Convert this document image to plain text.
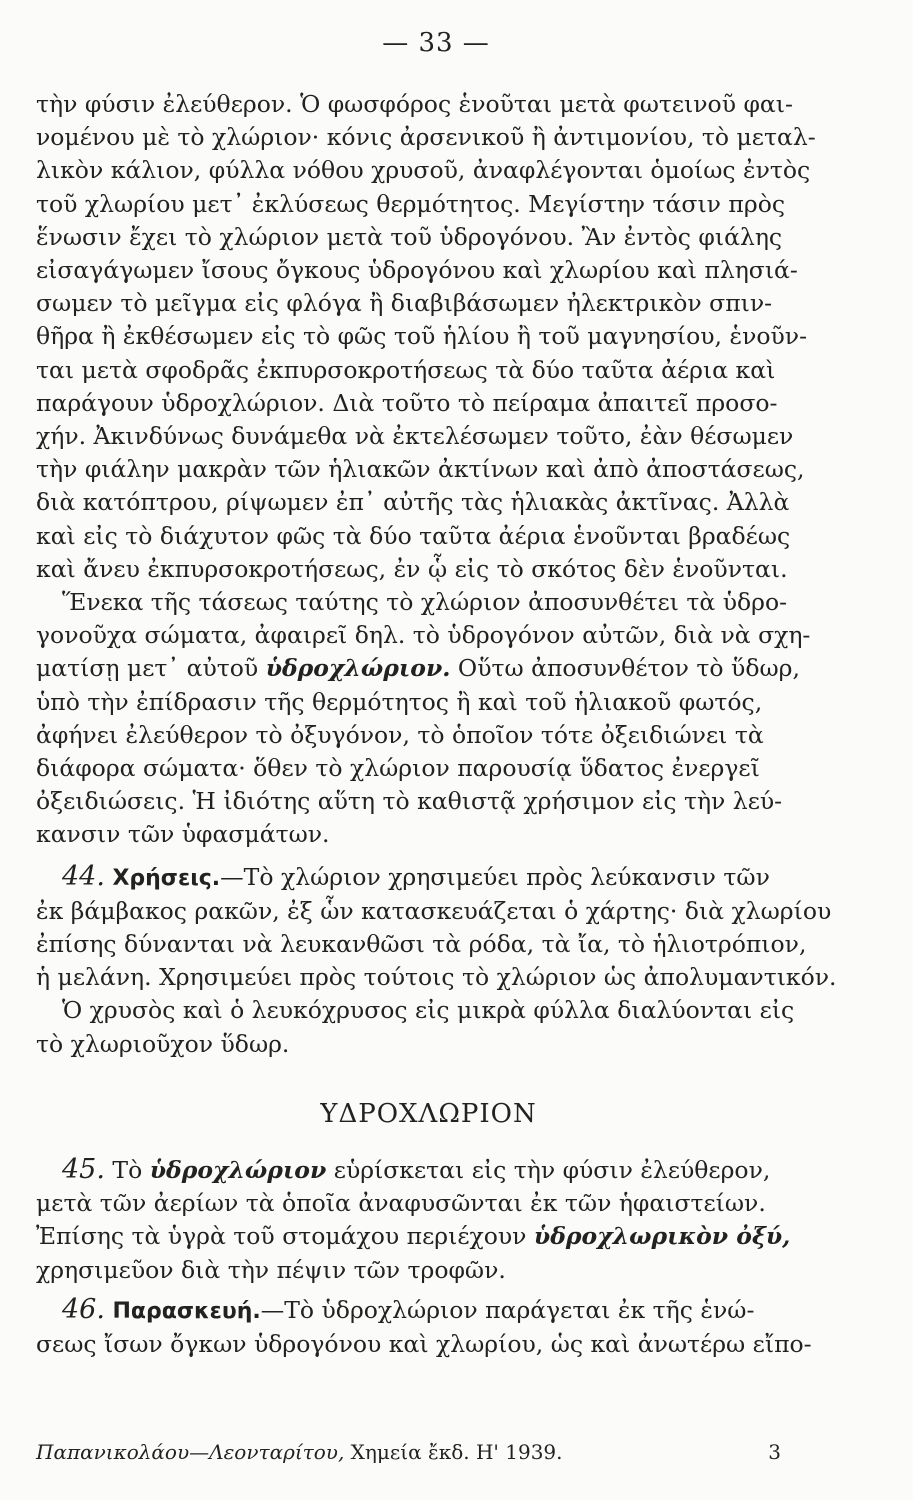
— 33 —
τὴν φύσιν ἐλεύθερον. Ὁ φωσφόρος ἑνοῦται μετὰ φωτεινοῦ φαι-
νομένου μὲ τὸ χλώριον· κόνις ἀρσενικοῦ ἢ ἀντιμονίου, τὸ μεταλ-
λικὸν κάλιον, φύλλα νόθου χρυσοῦ, ἀναφλέγονται ὁμοίως ἐντὸς
τοῦ χλωρίου μετ᾽ ἐκλύσεως θερμότητος. Μεγίστην τάσιν πρὸς
ἕνωσιν ἔχει τὸ χλώριον μετὰ τοῦ ὑδρογόνου. Ἂν ἐντὸς φιάλης
εἰσαγάγωμεν ἴσους ὄγκους ὑδρογόνου καὶ χλωρίου καὶ πλησιά-
σωμεν τὸ μεῖγμα εἰς φλόγα ἢ διαβιβάσωμεν ἠλεκτρικὸν σπιν-
θῆρα ἢ ἐκθέσωμεν εἰς τὸ φῶς τοῦ ἡλίου ἢ τοῦ μαγνησίου, ἑνοῦν-
ται μετὰ σφοδρᾶς ἐκπυρσοκροτήσεως τὰ δύο ταῦτα ἀέρια καὶ
παράγουν ὑδροχλώριον. Διὰ τοῦτο τὸ πείραμα ἀπαιτεῖ προσο-
χήν. Ἀκινδύνως δυνάμεθα νὰ ἐκτελέσωμεν τοῦτο, ἐὰν θέσωμεν
τὴν φιάλην μακρὰν τῶν ἡλιακῶν ἀκτίνων καὶ ἀπὸ ἀποστάσεως,
διὰ κατόπτρου, ρίψωμεν ἐπ᾽ αὐτῆς τὰς ἡλιακὰς ἀκτῖνας. Ἀλλὰ
καὶ εἰς τὸ διάχυτον φῶς τὰ δύο ταῦτα ἀέρια ἑνοῦνται βραδέως
καὶ ἄνευ ἐκπυρσοκροτήσεως, ἐν ᾧ εἰς τὸ σκότος δὲν ἑνοῦνται.
Ἕνεκα τῆς τάσεως ταύτης τὸ χλώριον ἀποσυνθέτει τὰ ὑδρο-
γονοῦχα σώματα, ἀφαιρεῖ δηλ. τὸ ὑδρογόνον αὐτῶν, διὰ νὰ σχη-
ματίσῃ μετ᾽ αὐτοῦ ὑδροχλώριον. Οὕτω ἀποσυνθέτον τὸ ὕδωρ,
ὑπὸ τὴν ἐπίδρασιν τῆς θερμότητος ἢ καὶ τοῦ ἡλιακοῦ φωτός,
ἀφήνει ἐλεύθερον τὸ ὀξυγόνον, τὸ ὁποῖον τότε ὀξειδιώνει τὰ
διάφορα σώματα· ὅθεν τὸ χλώριον παρουσίᾳ ὕδατος ἐνεργεῖ
ὀξειδιώσεις. Ἡ ἰδιότης αὕτη τὸ καθιστᾷ χρήσιμον εἰς τὴν λεύ-
κανσιν τῶν ὑφασμάτων.
44. Χρήσεις.—Τὸ χλώριον χρησιμεύει πρὸς λεύκανσιν τῶν
ἐκ βάμβακος ρακῶν, ἐξ ὧν κατασκευάζεται ὁ χάρτης· διὰ χλωρίου
ἐπίσης δύνανται νὰ λευκανθῶσι τὰ ρόδα, τὰ ἴα, τὸ ἡλιοτρόπιον,
ἡ μελάνη. Χρησιμεύει πρὸς τούτοις τὸ χλώριον ὡς ἀπολυμαντικόν.
Ὁ χρυσὸς καὶ ὁ λευκόχρυσος εἰς μικρὰ φύλλα διαλύονται εἰς
τὸ χλωριοῦχον ὕδωρ.
ΥΔΡΟΧΛΩΡΙΟΝ
45. Τὸ ὑδροχλώριον εὑρίσκεται εἰς τὴν φύσιν ἐλεύθερον,
μετὰ τῶν ἀερίων τὰ ὁποῖα ἀναφυσῶνται ἐκ τῶν ἡφαιστείων.
Ἐπίσης τὰ ὑγρὰ τοῦ στομάχου περιέχουν ὑδροχλωρικὸν ὀξύ,
χρησιμεῦον διὰ τὴν πέψιν τῶν τροφῶν.
46. Παρασκευή.—Τὸ ὑδροχλώριον παράγεται ἐκ τῆς ἑνώ-
σεως ἴσων ὄγκων ὑδρογόνου καὶ χλωρίου, ὡς καὶ ἀνωτέρω εἴπο-
Παπανικολάου—Λεονταρίτου, Χημεία ἔκδ. Η' 1939.	3
